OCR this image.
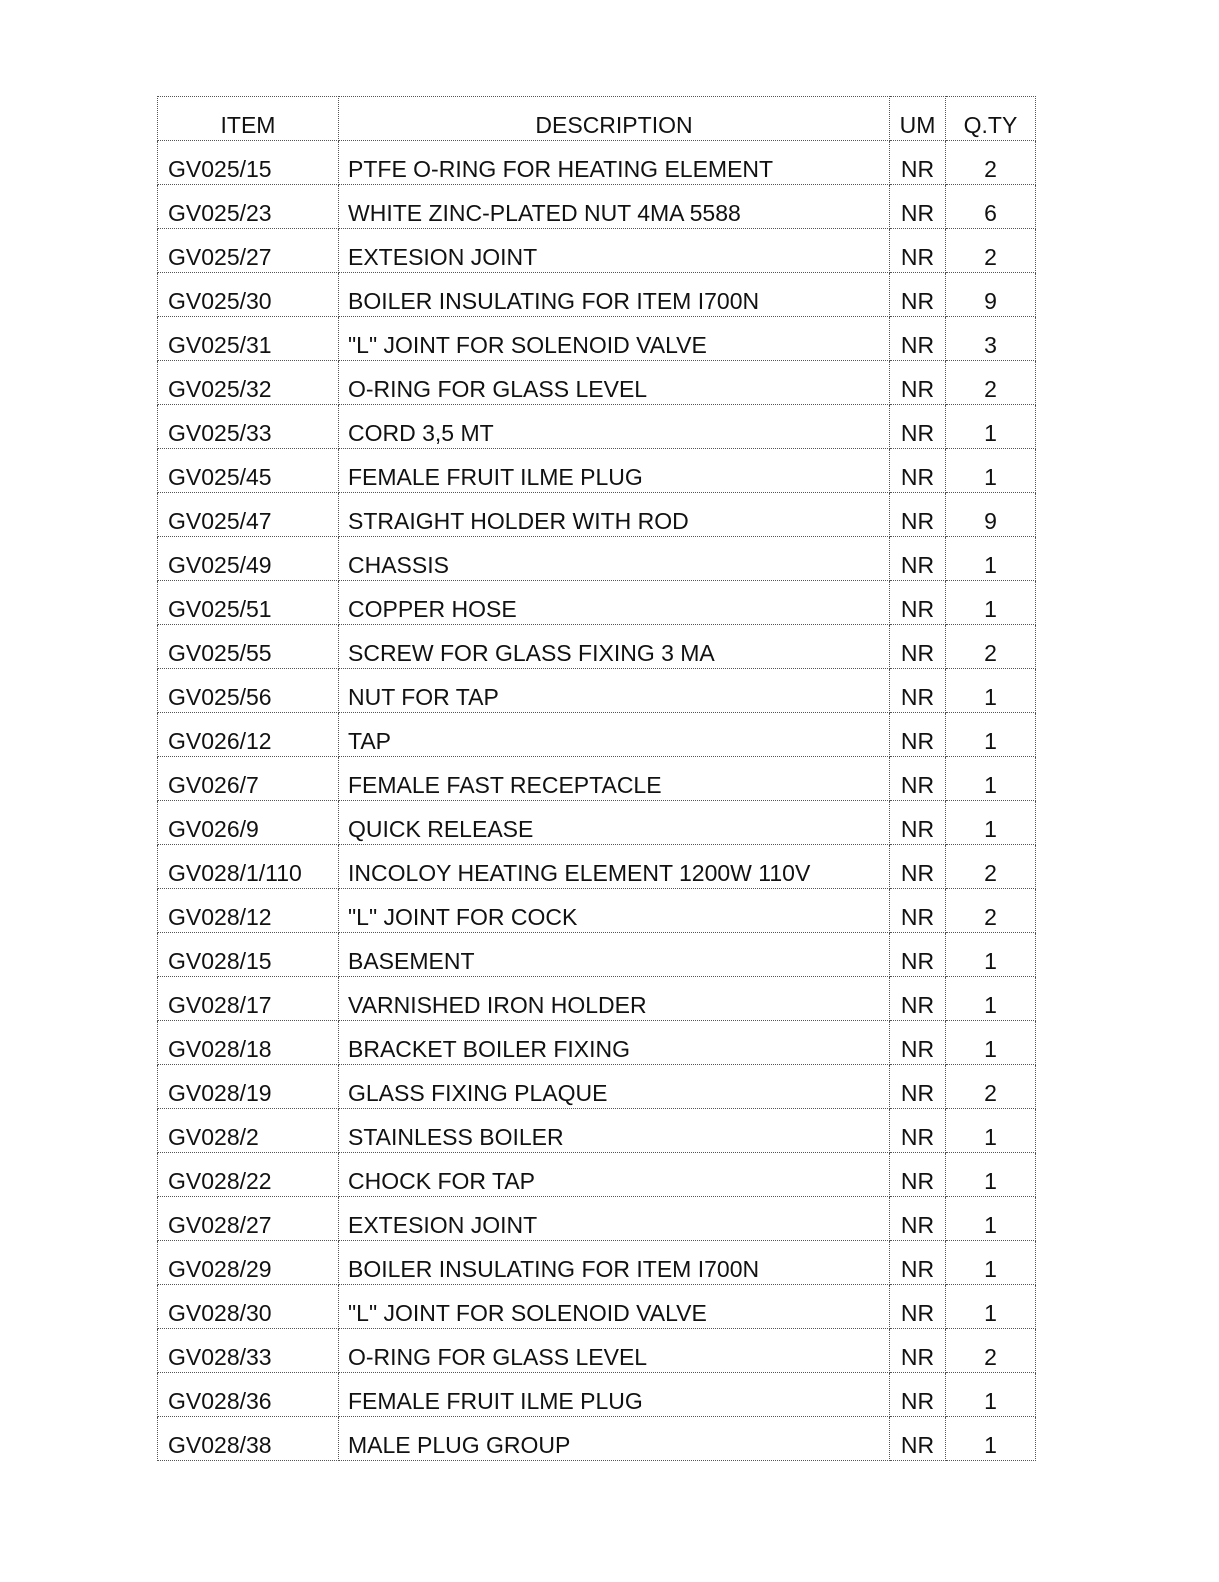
ITEM	DESCRIPTION	UM	Q.TY
GV025/15	PTFE O-RING FOR HEATING ELEMENT	NR	2
GV025/23	WHITE ZINC-PLATED NUT 4MA 5588	NR	6
GV025/27	EXTESION JOINT	NR	2
GV025/30	BOILER INSULATING FOR ITEM I700N	NR	9
GV025/31	"L" JOINT FOR SOLENOID VALVE	NR	3
GV025/32	O-RING FOR GLASS LEVEL	NR	2
GV025/33	CORD 3,5 MT	NR	1
GV025/45	FEMALE FRUIT ILME PLUG	NR	1
GV025/47	STRAIGHT HOLDER WITH ROD	NR	9
GV025/49	CHASSIS	NR	1
GV025/51	COPPER HOSE	NR	1
GV025/55	SCREW FOR GLASS FIXING 3 MA	NR	2
GV025/56	NUT FOR TAP	NR	1
GV026/12	TAP	NR	1
GV026/7	FEMALE FAST RECEPTACLE	NR	1
GV026/9	QUICK RELEASE	NR	1
GV028/1/110	INCOLOY HEATING ELEMENT 1200W 110V	NR	2
GV028/12	"L" JOINT FOR COCK	NR	2
GV028/15	BASEMENT	NR	1
GV028/17	VARNISHED IRON HOLDER	NR	1
GV028/18	BRACKET BOILER FIXING	NR	1
GV028/19	GLASS FIXING PLAQUE	NR	2
GV028/2	STAINLESS BOILER	NR	1
GV028/22	CHOCK FOR TAP	NR	1
GV028/27	EXTESION JOINT	NR	1
GV028/29	BOILER INSULATING FOR ITEM I700N	NR	1
GV028/30	"L" JOINT FOR SOLENOID VALVE	NR	1
GV028/33	O-RING FOR GLASS LEVEL	NR	2
GV028/36	FEMALE FRUIT ILME PLUG	NR	1
GV028/38	MALE PLUG GROUP	NR	1
